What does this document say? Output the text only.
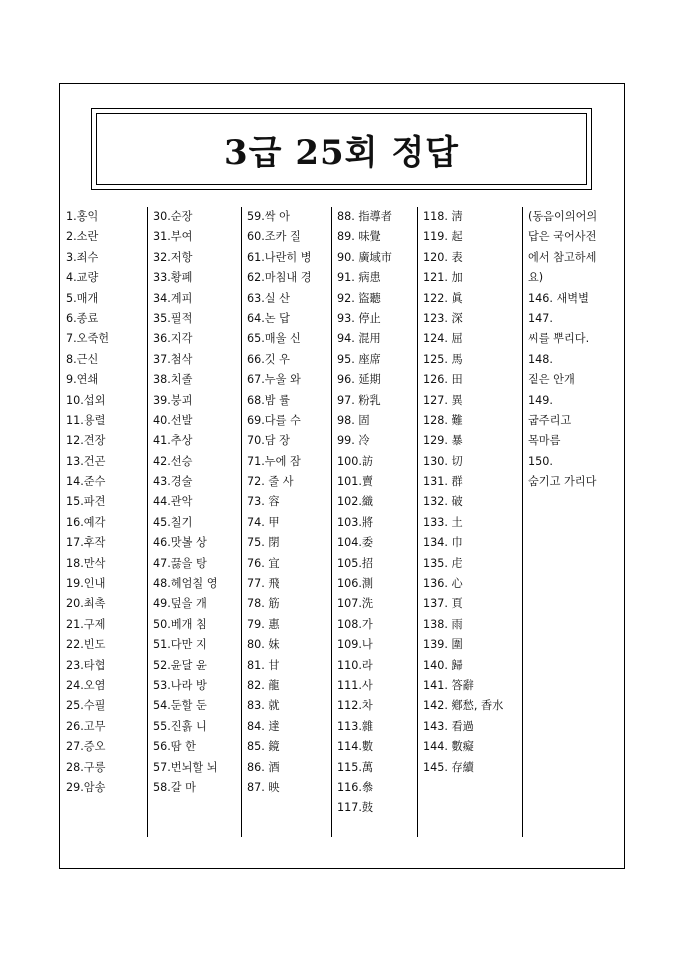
3급 25회 정답
1.홍익
2.소란
3.죄수
4.교량
5.매개
6.종료
7.오죽헌
8.근신
9.연쇄
10.섭외
11.용렬
12.견장
13.건곤
14.준수
15.파견
16.예각
17.후작
18.만삭
19.인내
20.최촉
21.구제
22.빈도
23.타협
24.오염
25.수필
26.고무
27.증오
28.구릉
29.암송
30.순장
31.부여
32.저항
33.황폐
34.계피
35.필적
36.지각
37.첨삭
38.치졸
39.붕괴
40.선발
41.추상
42.선승
43.경술
44.관악
45.칠기
46.맛볼 상
47.끓을 탕
48.헤엄칠 영
49.덮을 개
50.베개 침
51.다만 지
52.윤달 윤
53.나라 방
54.둔할 둔
55.진흙 니
56.땀 한
57.번뇌할 뇌
58.갈 마
59.싹 아
60.조카 질
61.나란히 병
62.마침내 경
63.실 산
64.논 답
65.매울 신
66.깃 우
67.누울 와
68.밤 률
69.다를 수
70.담 장
71.누에 잠
72. 줄 사
73. 容
74. 甲
75. 閉
76. 宜
77. 飛
78. 筋
79. 惠
80. 妹
81. 甘
82. 龍
83. 就
84. 達
85. 鏡
86. 酒
87. 映
88. 指導者
89. 味覺
90. 廣域市
91. 病患
92. 盜聽
93. 停止
94. 混用
95. 座席
96. 延期
97. 粉乳
98. 固
99. 冷
100.訪
101.賣
102.織
103.將
104.委
105.招
106.測
107.洗
108.가
109.나
110.라
111.사
112.차
113.雜
114.數
115.萬
116.叅
117.鼓
118. 淸
119. 起
120. 表
121. 加
122. 眞
123. 深
124. 屈
125. 馬
126. 田
127. 異
128. 難
129. 暴
130. 切
131. 群
132. 破
133. 土
134. 巾
135. 虍
136. 心
137. 頁
138. 雨
139. 圍
140. 歸
141. 答辭
142. 鄕愁, 香水
143. 看過
144. 數癡
145. 存續
(동음이의어의
답은 국어사전
에서 참고하세
요)
146. 새벽별
147.
씨를 뿌리다.
148.
짙은 안개
149.
굽주리고
목마름
150.
숨기고 가리다
